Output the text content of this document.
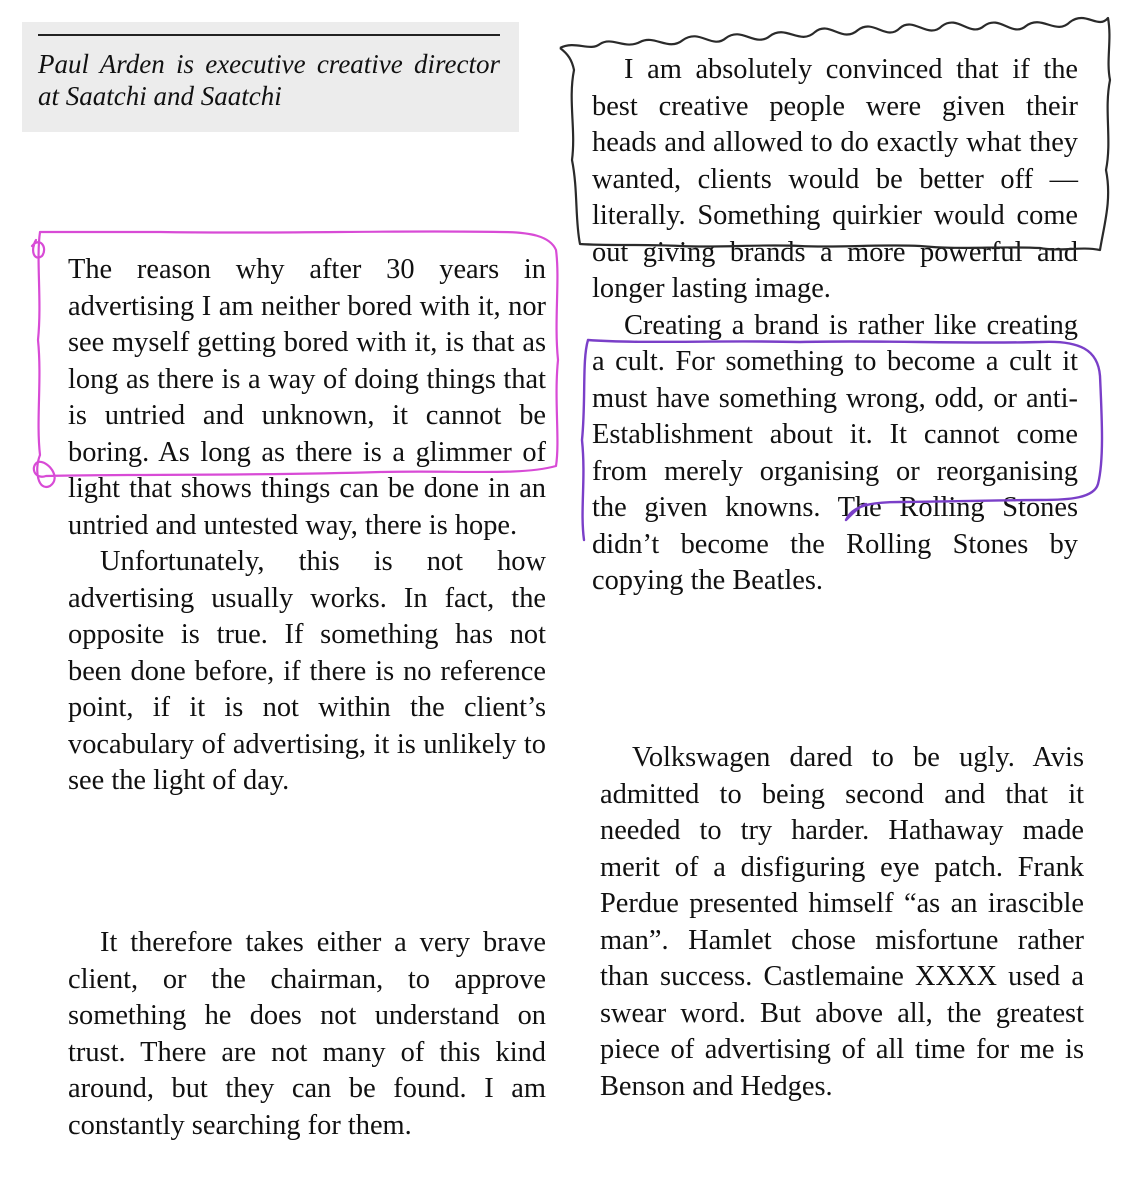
Paul Arden is executive creative director at Saatchi and Saatchi

The reason why after 30 years in advertising I am neither bored with it, nor see myself getting bored with it, is that as long as there is a way of doing things that is untried and unknown, it cannot be boring. As long as there is a glimmer of light that shows things can be done in an untried and untested way, there is hope.

Unfortunately, this is not how advertising usually works. In fact, the opposite is true. If something has not been done before, if there is no reference point, if it is not within the client’s vocabulary of advertising, it is unlikely to see the light of day.

It therefore takes either a very brave client, or the chairman, to approve something he does not understand on trust. There are not many of this kind around, but they can be found. I am constantly searching for them.

I am absolutely convinced that if the best creative people were given their heads and allowed to do exactly what they wanted, clients would be better off — literally. Something quirkier would come out giving brands a more powerful and longer lasting image.

Creating a brand is rather like creating a cult. For something to become a cult it must have something wrong, odd, or anti-Establishment about it. It cannot come from merely organising or reorganising the given knowns. The Rolling Stones didn’t become the Rolling Stones by copying the Beatles.

Volkswagen dared to be ugly. Avis admitted to being second and that it needed to try harder. Hathaway made merit of a disfiguring eye patch. Frank Perdue presented himself “as an irascible man”. Hamlet chose misfortune rather than success. Castlemaine XXXX used a swear word. But above all, the greatest piece of advertising of all time for me is Benson and Hedges.
